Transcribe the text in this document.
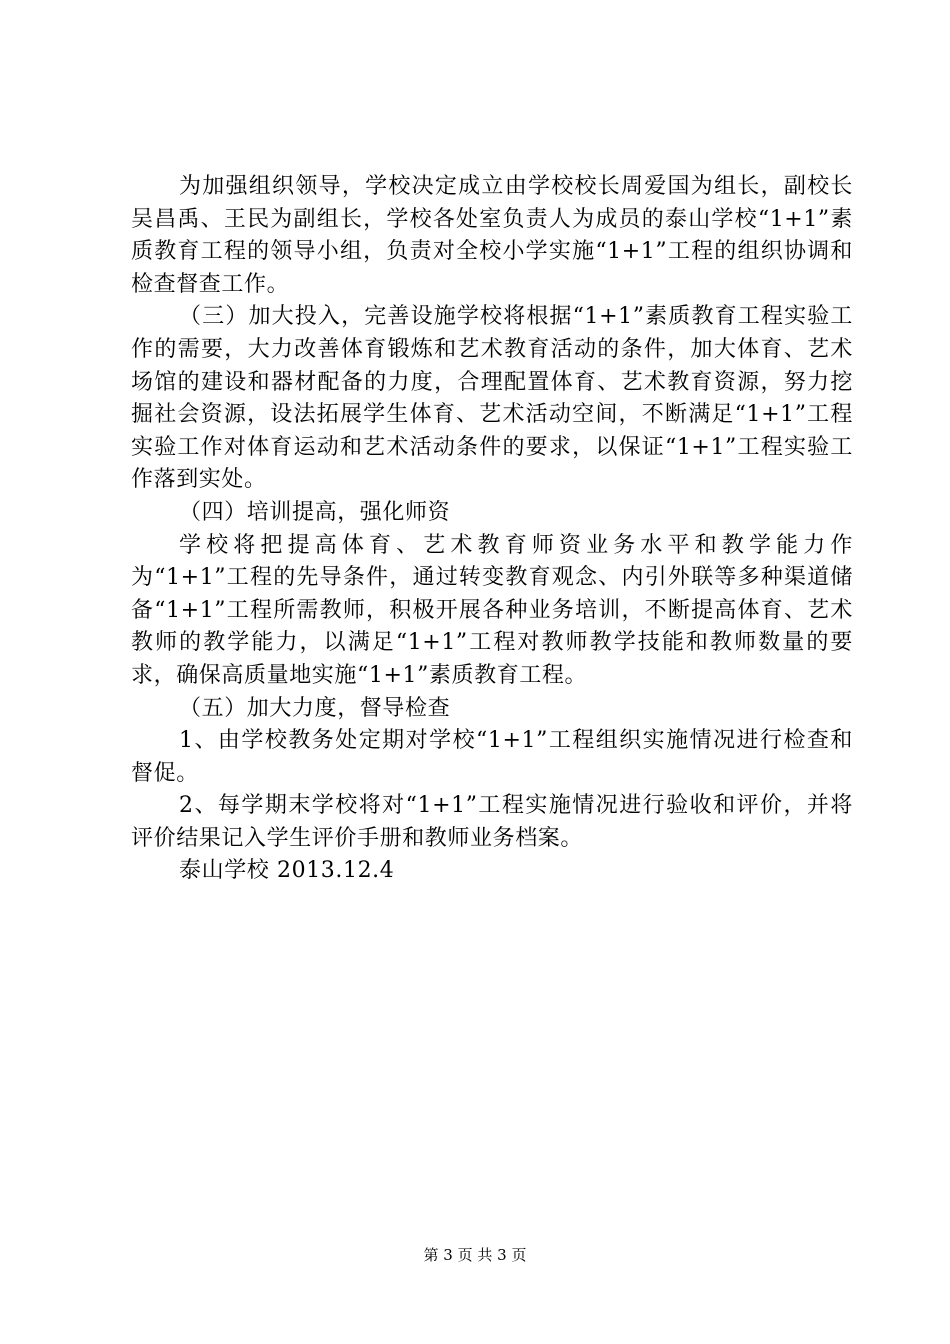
为加强组织领导，学校决定成立由学校校长周爱国为组长，副校长吴昌禹、王民为副组长，学校各处室负责人为成员的泰山学校“1+1”素质教育工程的领导小组，负责对全校小学实施“1+1”工程的组织协调和检查督查工作。

（三）加大投入，完善设施学校将根据“1+1”素质教育工程实验工作的需要，大力改善体育锻炼和艺术教育活动的条件，加大体育、艺术场馆的建设和器材配备的力度，合理配置体育、艺术教育资源，努力挖掘社会资源，设法拓展学生体育、艺术活动空间，不断满足“1+1”工程实验工作对体育运动和艺术活动条件的要求，以保证“1+1”工程实验工作落到实处。

（四）培训提高，强化师资

学校将把提高体育、艺术教育师资业务水平和教学能力作为“1+1”工程的先导条件，通过转变教育观念、内引外联等多种渠道储备“1+1”工程所需教师，积极开展各种业务培训，不断提高体育、艺术教师的教学能力，以满足“1+1”工程对教师教学技能和教师数量的要求，确保高质量地实施“1+1”素质教育工程。

（五）加大力度，督导检查

1、由学校教务处定期对学校“1+1”工程组织实施情况进行检查和督促。

2、每学期末学校将对“1+1”工程实施情况进行验收和评价，并将评价结果记入学生评价手册和教师业务档案。

泰山学校 2013.12.4

第 3 页 共 3 页
